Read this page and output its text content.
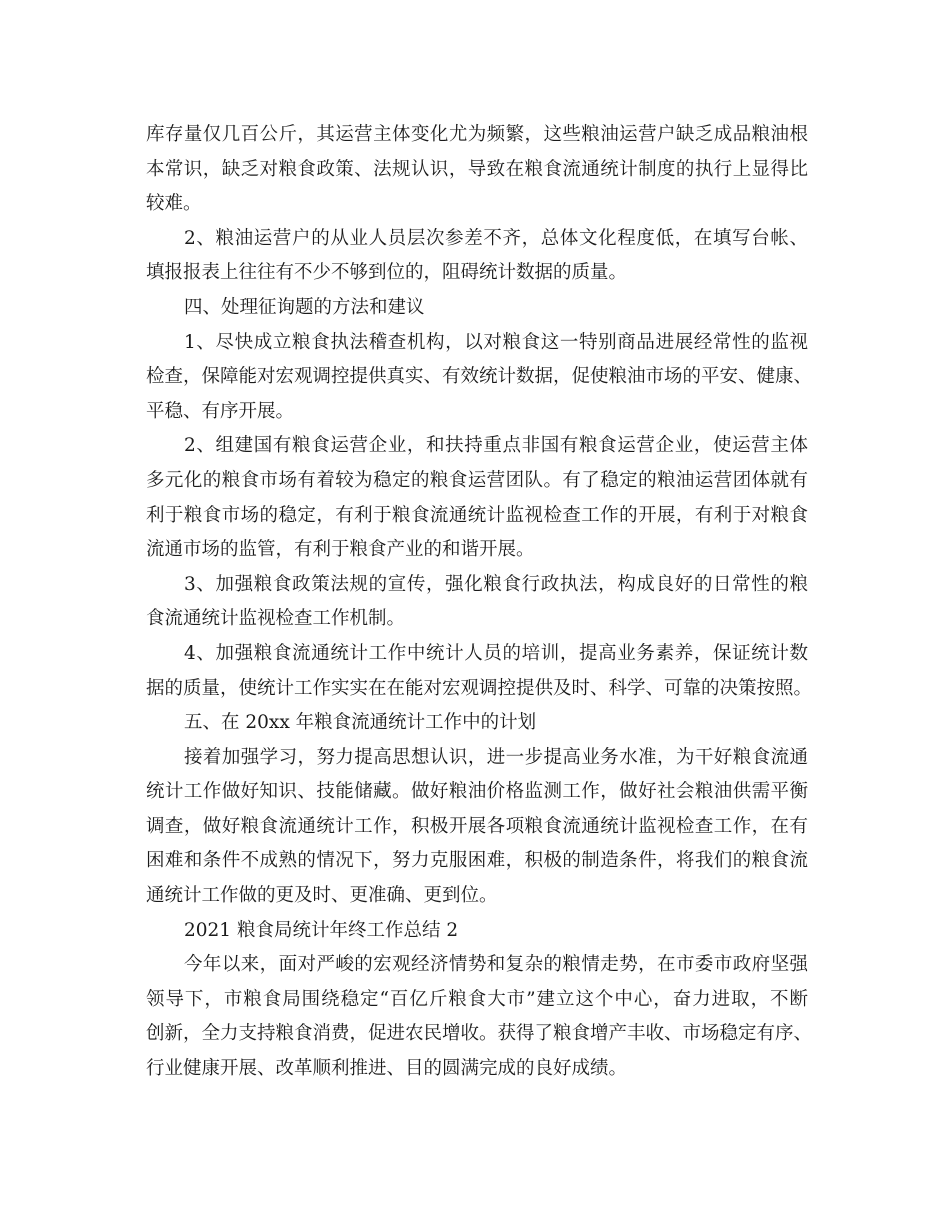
库存量仅几百公斤，其运营主体变化尤为频繁，这些粮油运营户缺乏成品粮油根
本常识，缺乏对粮食政策、法规认识，导致在粮食流通统计制度的执行上显得比
较难。
2、粮油运营户的从业人员层次参差不齐，总体文化程度低，在填写台帐、
填报报表上往往有不少不够到位的，阻碍统计数据的质量。
四、处理征询题的方法和建议
1、尽快成立粮食执法稽查机构，以对粮食这一特别商品进展经常性的监视
检查，保障能对宏观调控提供真实、有效统计数据，促使粮油市场的平安、健康、
平稳、有序开展。
2、组建国有粮食运营企业，和扶持重点非国有粮食运营企业，使运营主体
多元化的粮食市场有着较为稳定的粮食运营团队。有了稳定的粮油运营团体就有
利于粮食市场的稳定，有利于粮食流通统计监视检查工作的开展，有利于对粮食
流通市场的监管，有利于粮食产业的和谐开展。
3、加强粮食政策法规的宣传，强化粮食行政执法，构成良好的日常性的粮
食流通统计监视检查工作机制。
4、加强粮食流通统计工作中统计人员的培训，提高业务素养，保证统计数
据的质量，使统计工作实实在在能对宏观调控提供及时、科学、可靠的决策按照。
五、在 20xx 年粮食流通统计工作中的计划
接着加强学习，努力提高思想认识，进一步提高业务水准，为干好粮食流通
统计工作做好知识、技能储藏。做好粮油价格监测工作，做好社会粮油供需平衡
调查，做好粮食流通统计工作，积极开展各项粮食流通统计监视检查工作，在有
困难和条件不成熟的情况下，努力克服困难，积极的制造条件，将我们的粮食流
通统计工作做的更及时、更准确、更到位。
2021 粮食局统计年终工作总结 2
今年以来，面对严峻的宏观经济情势和复杂的粮情走势，在市委市政府坚强
领导下，市粮食局围绕稳定“百亿斤粮食大市”建立这个中心，奋力进取，不断
创新，全力支持粮食消费，促进农民增收。获得了粮食增产丰收、市场稳定有序、
行业健康开展、改革顺利推进、目的圆满完成的良好成绩。
